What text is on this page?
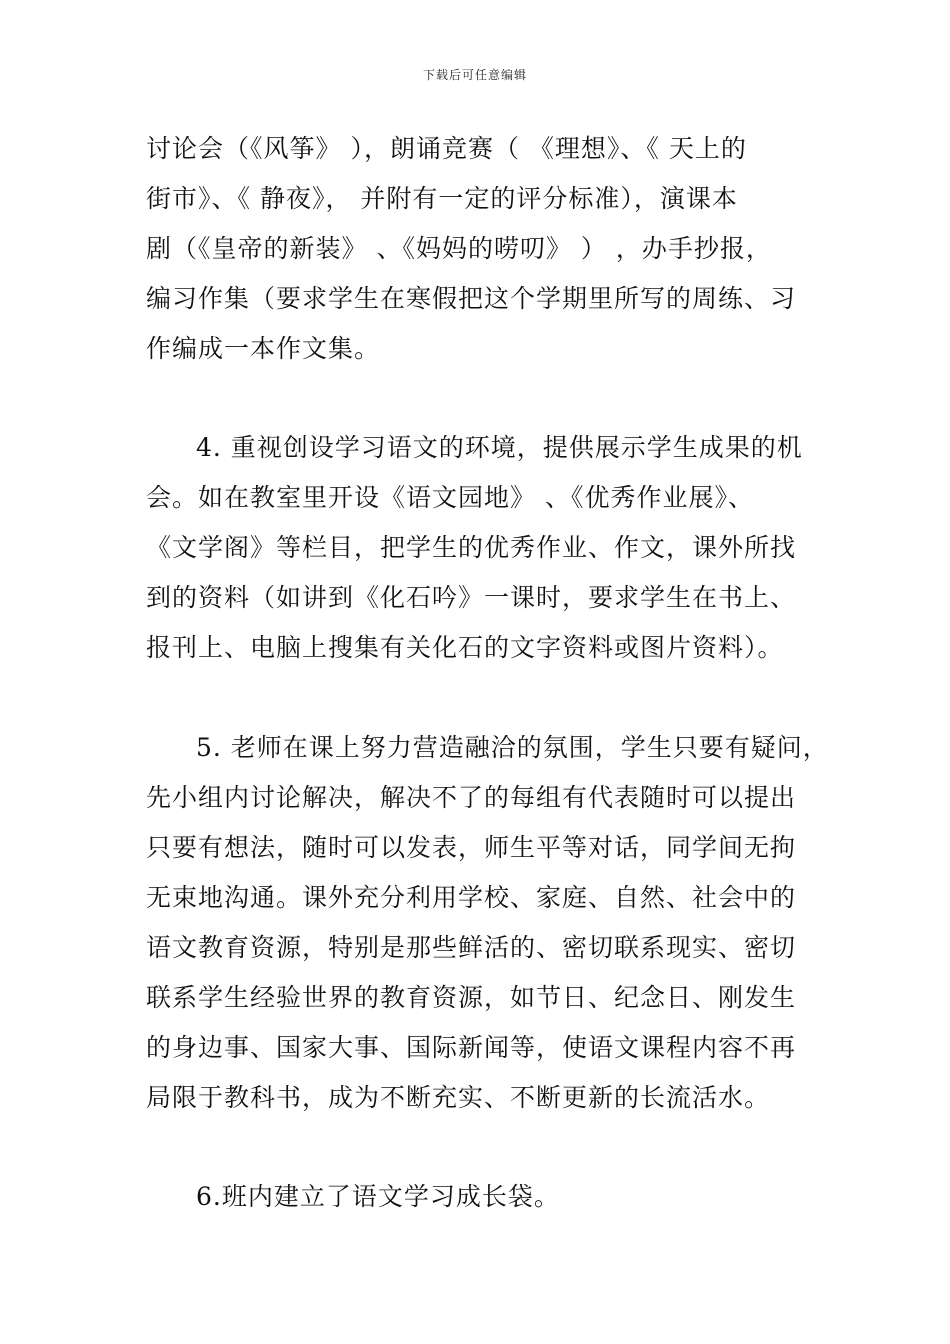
下载后可任意编辑
讨论会（《风筝》 ），朗诵竞赛（ 《理想》、《 天上的
街市》、《 静夜》， 并附有一定的评分标准），演课本
剧（《皇帝的新装》 、《妈妈的唠叨》 ） ，办手抄报，
编习作集（要求学生在寒假把这个学期里所写的周练、习
作编成一本作文集。
4. 重视创设学习语文的环境，提供展示学生成果的机
会。如在教室里开设《语文园地》 、《优秀作业展》、
《文学阁》等栏目，把学生的优秀作业、作文，课外所找
到的资料（如讲到《化石吟》一课时，要求学生在书上、
报刊上、电脑上搜集有关化石的文字资料或图片资料）。
5. 老师在课上努力营造融洽的氛围，学生只要有疑问，
先小组内讨论解决，解决不了的每组有代表随时可以提出
只要有想法，随时可以发表，师生平等对话，同学间无拘
无束地沟通。课外充分利用学校、家庭、自然、社会中的
语文教育资源，特别是那些鲜活的、密切联系现实、密切
联系学生经验世界的教育资源，如节日、纪念日、刚发生
的身边事、国家大事、国际新闻等，使语文课程内容不再
局限于教科书，成为不断充实、不断更新的长流活水。
6.班内建立了语文学习成长袋。
